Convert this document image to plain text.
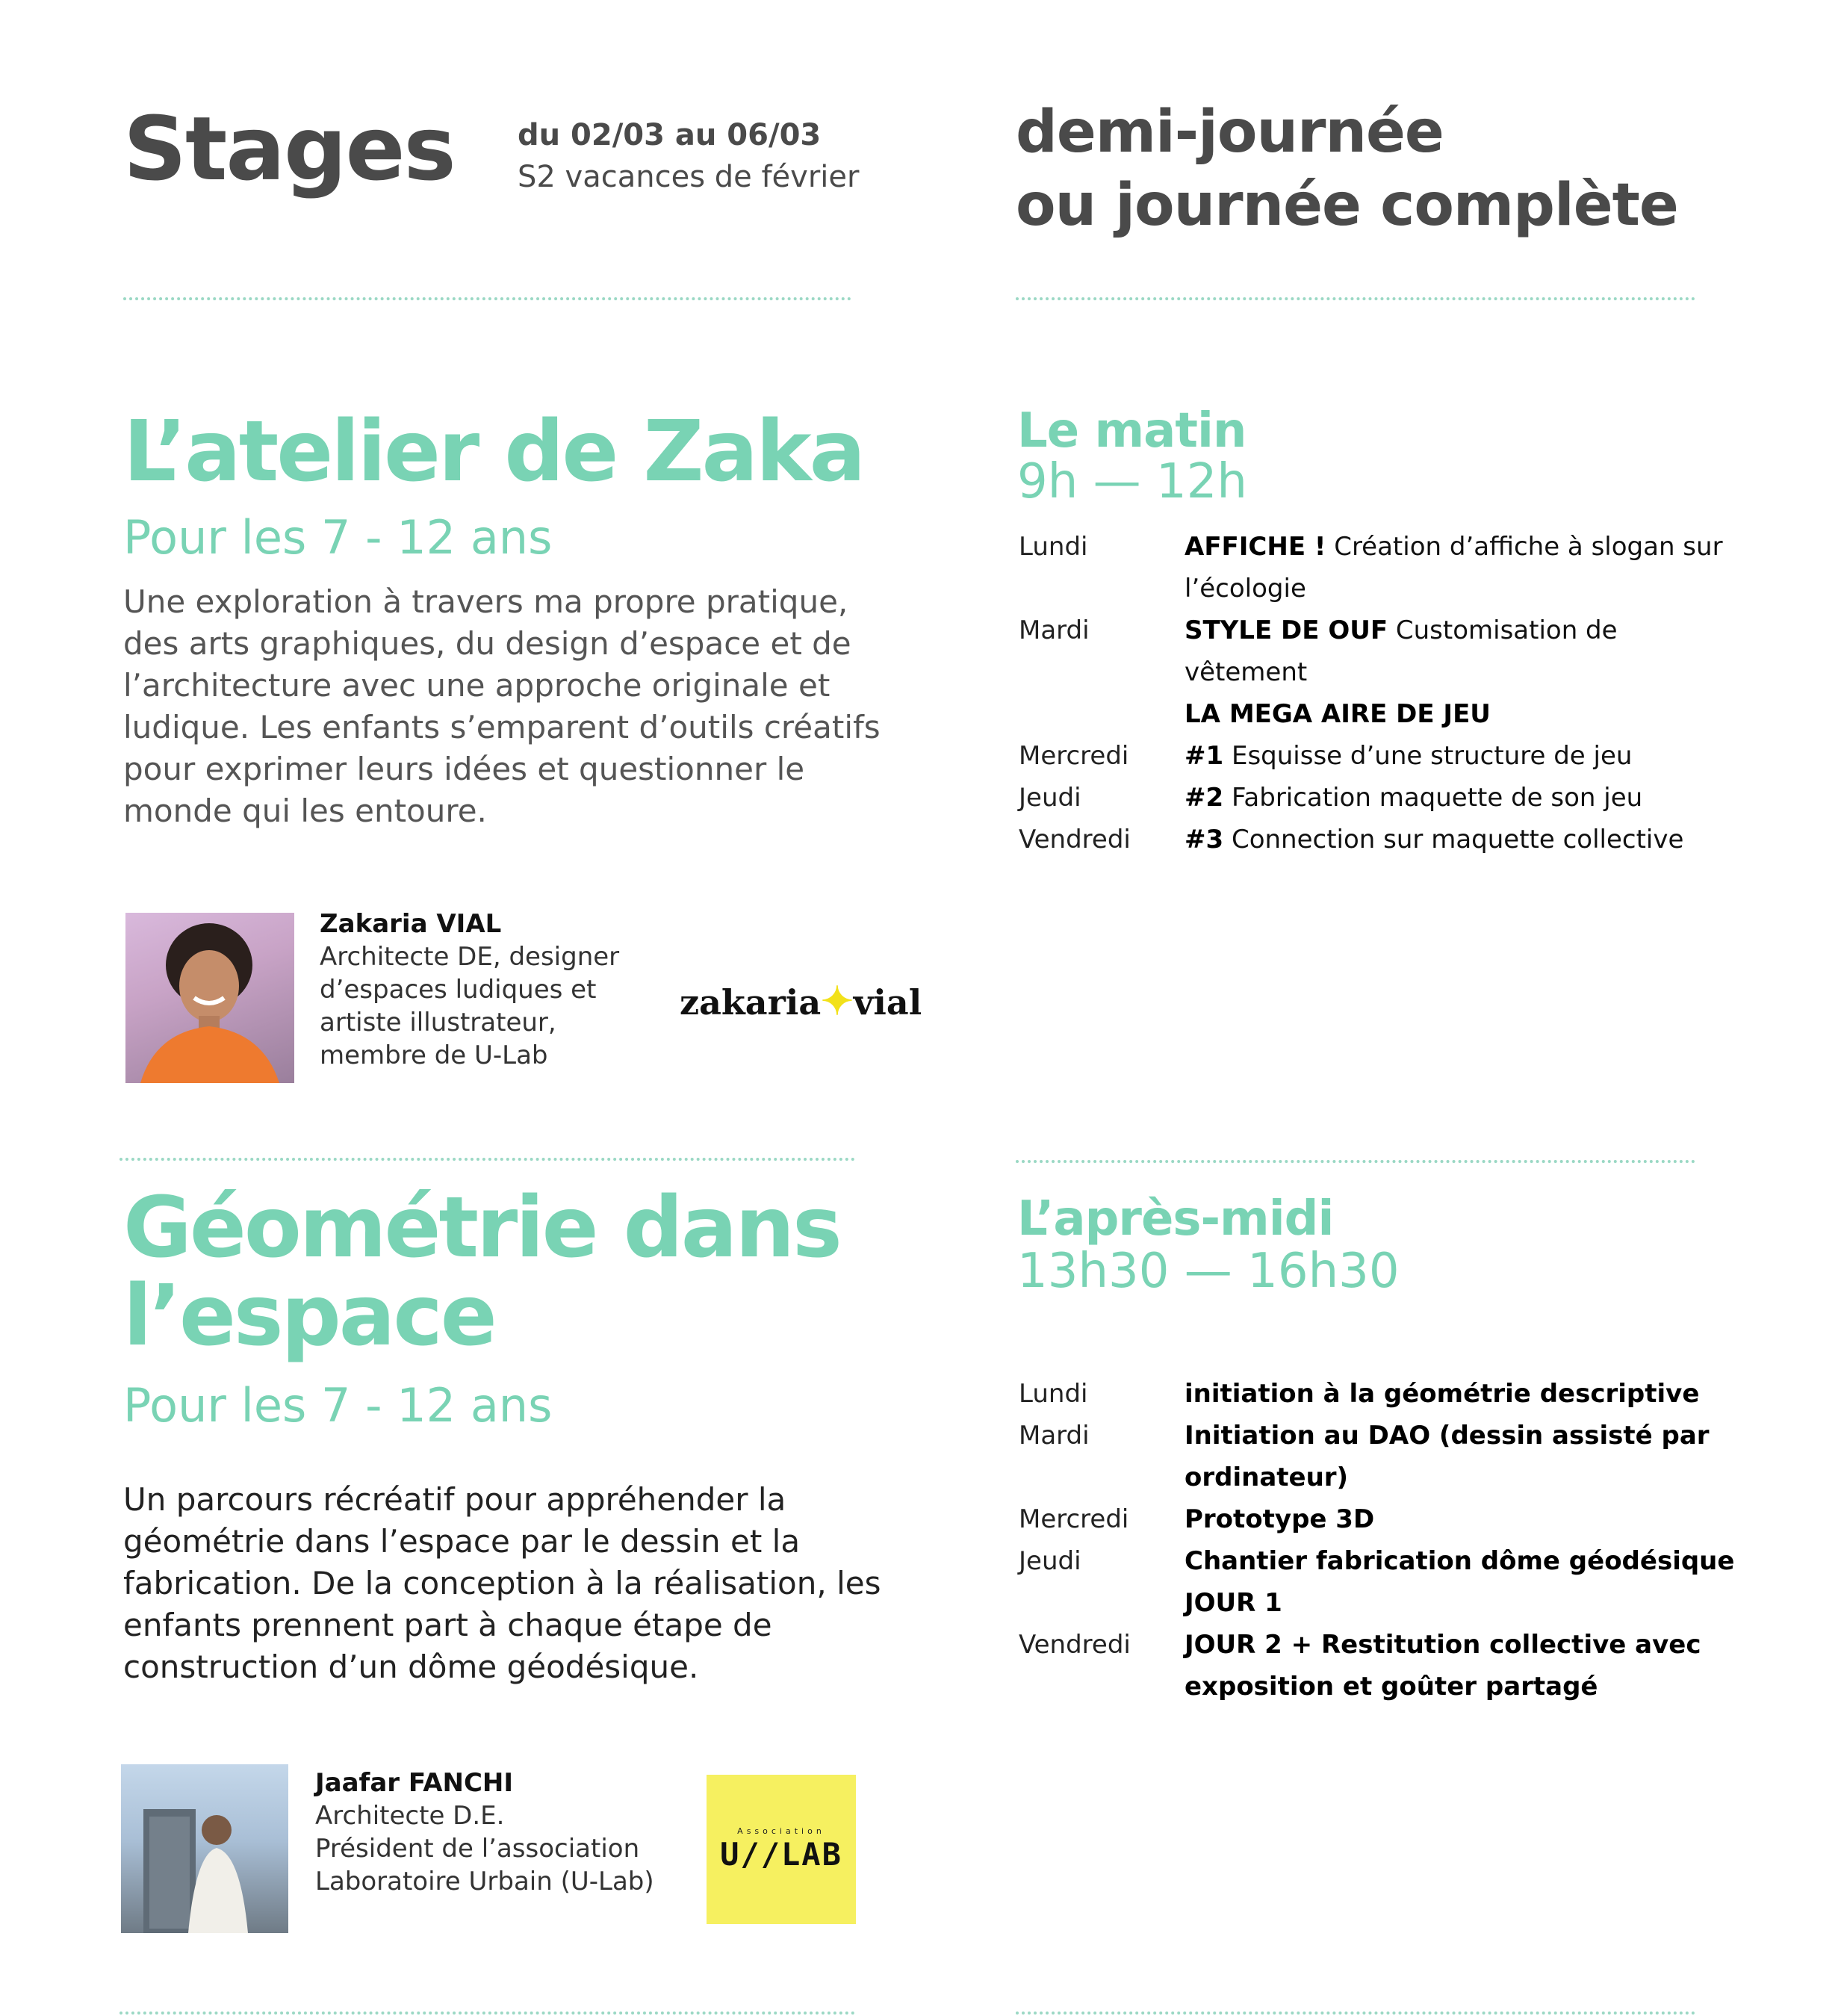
Stages du 02/03 au 06/03
S2 vacances de février
demi-journée
ou journée complète
L’atelier de Zaka
Pour les 7 - 12 ans
Une exploration à travers ma propre pratique, des arts graphiques, du design d’espace et de l’architecture avec une approche originale et ludique. Les enfants s’emparent d’outils créatifs pour exprimer leurs idées et questionner le monde qui les entoure.
Zakaria VIAL
Architecte DE, designer
d’espaces ludiques et
artiste illustrateur,
membre de U-Lab
zakaria✦vial
Géométrie dans
l’espace
Pour les 7 - 12 ans
Un parcours récréatif pour appréhender la géométrie dans l’espace par le dessin et la fabrication. De la conception à la réalisation, les enfants prennent part à chaque étape de construction d’un dôme géodésique.
Jaafar FANCHI
Architecte D.E.
Président de l’association
Laboratoire Urbain (U-Lab)
Association
U//LAB
Le matin
9h — 12h
Lundi	AFFICHE ! Création d’affiche à slogan sur
l’écologie
Mardi	STYLE DE OUF Customisation de
vêtement
LA MEGA AIRE DE JEU
Mercredi	#1 Esquisse d’une structure de jeu
Jeudi	#2 Fabrication maquette de son jeu
Vendredi	#3 Connection sur maquette collective
L’après-midi
13h30 — 16h30
Lundi	initiation à la géométrie descriptive
Mardi	Initiation au DAO (dessin assisté par
ordinateur)
Mercredi	Prototype 3D
Jeudi	Chantier fabrication dôme géodésique
JOUR 1
Vendredi	JOUR 2 + Restitution collective avec
exposition et goûter partagé
